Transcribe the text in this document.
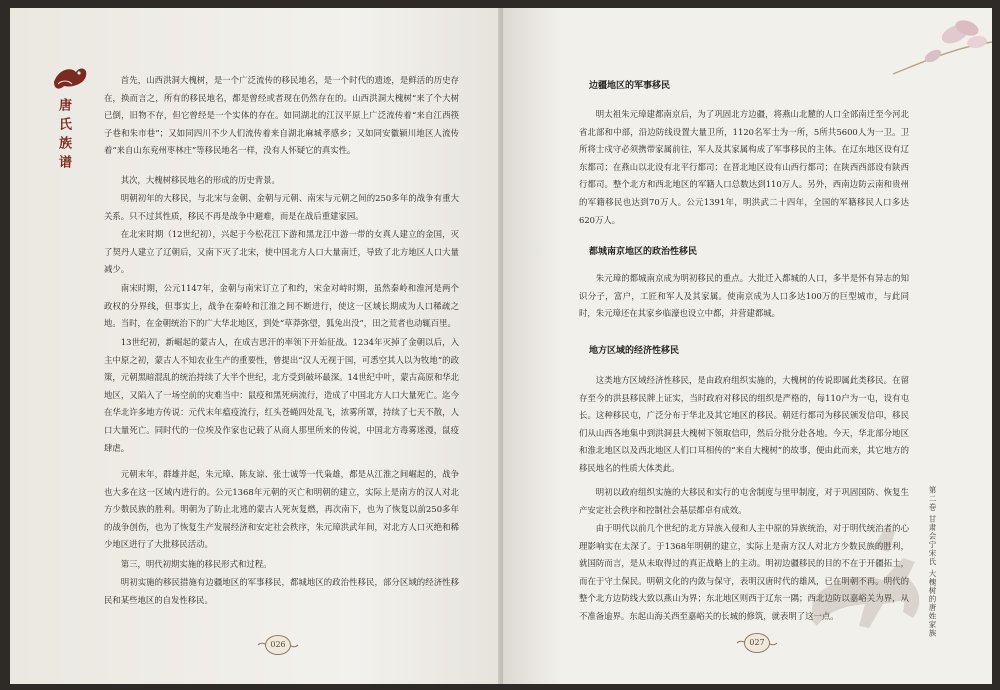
唐氏族谱

首先，山西洪洞大槐树，是一个广泛流传的移民地名，是一个时代的遗迹，是鲜活的历史存在，换而言之，所有的移民地名，都是曾经或者现在仍然存在的。山西洪洞大槐树“来了个大树已倒，旧物不存，但它曾经是一个实体的存在。如同湖北的江汉平原上广泛流传着“来自江西筷子巷和朱市巷”；又如同四川不少人们流传着来自湖北麻城孝感乡；又如同安徽颍川地区人流传着“来自山东兖州枣林庄”等移民地名一样，没有人怀疑它的真实性。

其次，大槐树移民地名的形成的历史背景。

明朝初年的大移民，与北宋与金朝、金朝与元朝、南宋与元朝之间的250多年的战争有重大关系。只不过其性质，移民不再是战争中避难，而是在战后重建家园。

在北宋时期（12世纪初），兴起于今松花江下游和黑龙江中游一带的女真人建立的金国，灭了契丹人建立了辽朝后，又南下灭了北宋，使中国北方人口大量南迁，导致了北方地区人口大量减少。

南宋时期，公元1147年，金朝与南宋订立了和约，宋金对峙时期，虽然秦岭和淮河是两个政权的分界线，但事实上，战争在秦岭和江淮之间不断进行，使这一区域长期成为人口稀疏之地。当时，在金朝统治下的广大华北地区，到处“草莽弥望，狐兔出没”，田之荒者也动辄百里。

13世纪初，新崛起的蒙古人，在成吉思汗的率领下开始征战。1234年灭掉了金朝以后，入主中原之初，蒙古人不知农业生产的重要性，曾提出“汉人无视于国，可悉空其人以为牧地”的政策，元朝黑暗混乱的统治持续了大半个世纪，北方受到破坏最深。14世纪中叶，蒙古高原和华北地区，又陷入了一场空前的灾难当中：鼠疫和黑死病流行，造成了中国北方人口大量死亡。迄今在华北许多地方传说：元代末年瘟疫流行，红头苍蝇四处乱飞，浓雾所罩，持续了七天不散，人口大量死亡。同时代的一位埃及作家也记载了从商人那里所来的传说，中国北方毒雾迷漫，鼠疫肆虐。

元朝末年，群雄并起，朱元璋、陈友谅、张士诚等一代枭雄，都是从江淮之间崛起的，战争也大多在这一区域内进行的。公元1368年元朝的灭亡和明朝的建立，实际上是南方的汉人对北方少数民族的胜利。明朝为了防止北逃的蒙古人死灰复燃，再次南下，也为了恢复以前250多年的战争创伤，也为了恢复生产发展经济和安定社会秩序，朱元璋洪武年间，对北方人口灭绝和稀少地区进行了大批移民活动。

第三，明代初期实施的移民形式和过程。

明初实施的移民措施有边疆地区的军事移民，都城地区的政治性移民，部分区域的经济性移民和某些地区的自发性移民。

026
边疆地区的军事移民

明太祖朱元璋建都南京后，为了巩固北方边疆，将燕山北麓的人口全部南迁至今河北省北部和中部，沿边防线设置大量卫所，1120名军士为一所，5所共5600人为一卫。卫所将士戍守必须携带家属前往，军人及其家属构成了军事移民的主体。在辽东地区设有辽东都司；在燕山以北设有北平行都司；在晋北地区设有山西行都司；在陕西西部设有陕西行都司。整个北方和西北地区的军籍人口总数达到110万人。另外，西南边防云南和贵州的军籍移民也达到70万人。公元1391年，明洪武二十四年，全国的军籍移民人口多达620万人。

都城南京地区的政治性移民

朱元璋的都城南京成为明初移民的重点。大批迁入都城的人口，多半是怀有异志的知识分子，富户，工匠和军人及其家属。使南京成为人口多达100万的巨型城市，与此同时，朱元璋还在其家乡临濠也设立中都，并营建都城。

地方区域的经济性移民

这类地方区域经济性移民，是由政府组织实施的，大槐树的传说即属此类移民。在留存至今的洪县移民牌上证实，当时政府对移民的组织是严格的，每110户为一屯，设有屯长。这种移民屯，广泛分布于华北及其它地区的移民。朝廷行都司为移民颁发信印，移民们从山西各地集中到洪洞县大槐树下领取信印，然后分批分赴各地。今天，华北部分地区和淮北地区以及西北地区人们口耳相传的“来自大槐树”的故事，便由此而来，其它地方的移民地名的性质大体类此。

明初以政府组织实施的大移民和实行的屯舍制度与里甲制度，对于巩固国防、恢复生产安定社会秩序和控制社会基层都卓有成效。

由于明代以前几个世纪的北方异族入侵和人主中原的异族统治，对于明代统治者的心理影响实在太深了。于1368年明朝的建立，实际上是南方汉人对北方少数民族的胜利，就国防而言，是从未取得过的真正战略上的主动。明初边疆移民的目的不在于开疆拓土，而在于守土保民。明朝文化的内敛与保守，表明汉唐时代的雄风，已在明朝不再。明代的整个北方边防线大致以燕山为界；东北地区则西于辽东一隅；西北边防以嘉峪关为界，从不准备逾界。东起山海关西至嘉峪关的长城的修筑，就表明了这一点。	第二卷 甘肃会宁宋氏 大槐树的唐姓家族
027
